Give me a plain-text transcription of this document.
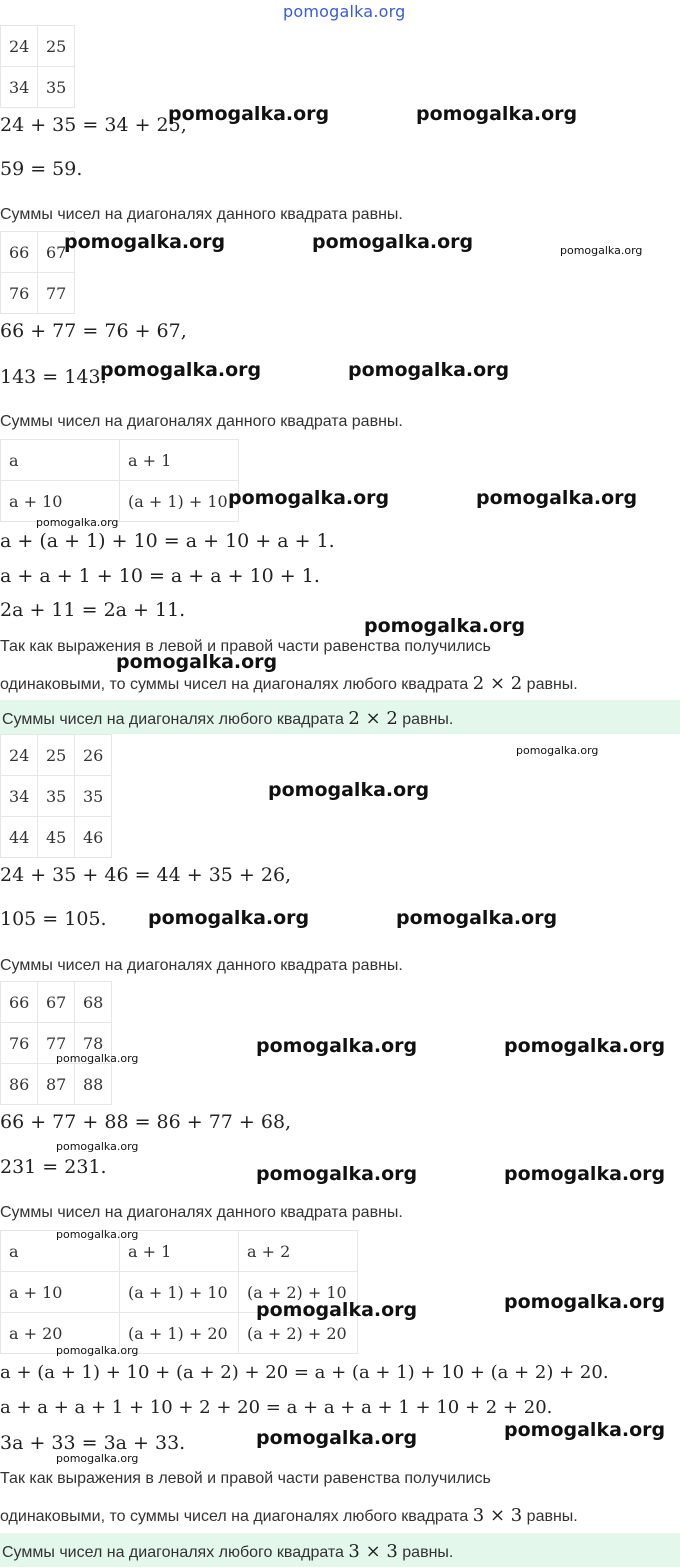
pomogalka.org
24	25
34	35
24 + 35 = 34 + 25,
59 = 59.
Суммы чисел на диагоналях данного квадрата равны.
66	67
76	77
66 + 77 = 76 + 67,
143 = 143.
Суммы чисел на диагоналях данного квадрата равны.
a	a + 1
a + 10	(a + 1) + 10
a + (a + 1) + 10 = a + 10 + a + 1.
a + a + 1 + 10 = a + a + 10 + 1.
2a + 11 = 2a + 11.
Так как выражения в левой и правой части равенства получились
одинаковыми, то суммы чисел на диагоналях любого квадрата 2 × 2 равны.
Суммы чисел на диагоналях любого квадрата 2 × 2 равны.
24	25	26
34	35	35
44	45	46
24 + 35 + 46 = 44 + 35 + 26,
105 = 105.
Суммы чисел на диагоналях данного квадрата равны.
66	67	68
76	77	78
86	87	88
66 + 77 + 88 = 86 + 77 + 68,
231 = 231.
Суммы чисел на диагоналях данного квадрата равны.
a	a + 1	a + 2
a + 10	(a + 1) + 10	(a + 2) + 10
a + 20	(a + 1) + 20	(a + 2) + 20
a + (a + 1) + 10 + (a + 2) + 20 = a + (a + 1) + 10 + (a + 2) + 20.
a + a + a + 1 + 10 + 2 + 20 = a + a + a + 1 + 10 + 2 + 20.
3a + 33 = 3a + 33.
Так как выражения в левой и правой части равенства получились
одинаковыми, то суммы чисел на диагоналях любого квадрата 3 × 3 равны.
Суммы чисел на диагоналях любого квадрата 3 × 3 равны.
pomogalka.org	pomogalka.org
pomogalka.org	pomogalka.org
pomogalka.org	pomogalka.org
pomogalka.org	pomogalka.org
pomogalka.org
pomogalka.org
pomogalka.org
pomogalka.org	pomogalka.org
pomogalka.org	pomogalka.org
pomogalka.org	pomogalka.org
pomogalka.org	pomogalka.org
pomogalka.org	pomogalka.org
pomogalka.org
pomogalka.org
pomogalka.org
pomogalka.org
pomogalka.org
pomogalka.org
pomogalka.org
pomogalka.org
